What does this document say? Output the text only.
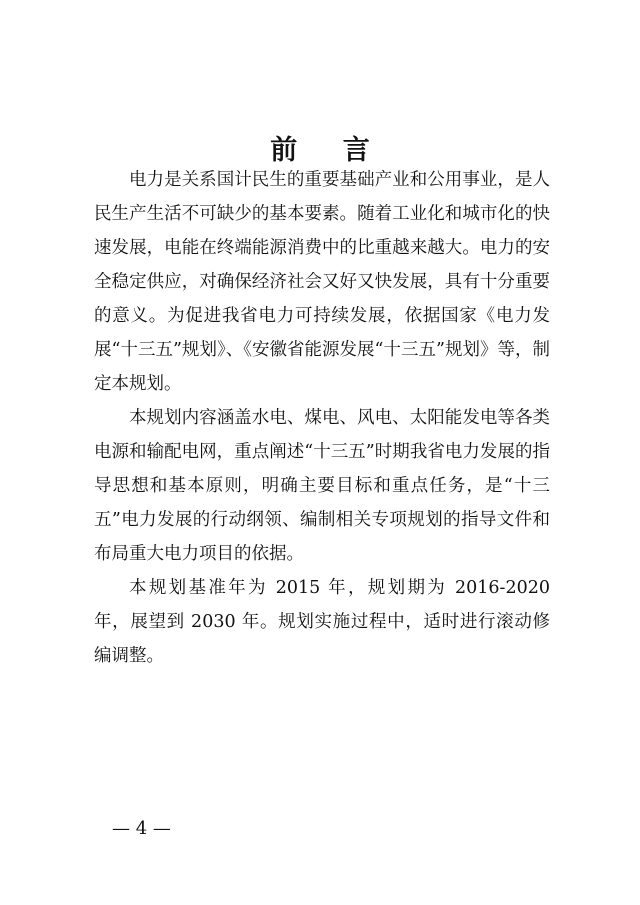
前 言

电力是关系国计民生的重要基础产业和公用事业，是人民生产生活不可缺少的基本要素。随着工业化和城市化的快速发展，电能在终端能源消费中的比重越来越大。电力的安全稳定供应，对确保经济社会又好又快发展，具有十分重要的意义。为促进我省电力可持续发展，依据国家《电力发展“十三五”规划》、《安徽省能源发展“十三五”规划》等，制定本规划。

本规划内容涵盖水电、煤电、风电、太阳能发电等各类电源和输配电网，重点阐述“十三五”时期我省电力发展的指导思想和基本原则，明确主要目标和重点任务，是“十三五”电力发展的行动纲领、编制相关专项规划的指导文件和布局重大电力项目的依据。

本规划基准年为 2015 年，规划期为 2016-2020 年，展望到 2030 年。规划实施过程中，适时进行滚动修编调整。

— 4 —
